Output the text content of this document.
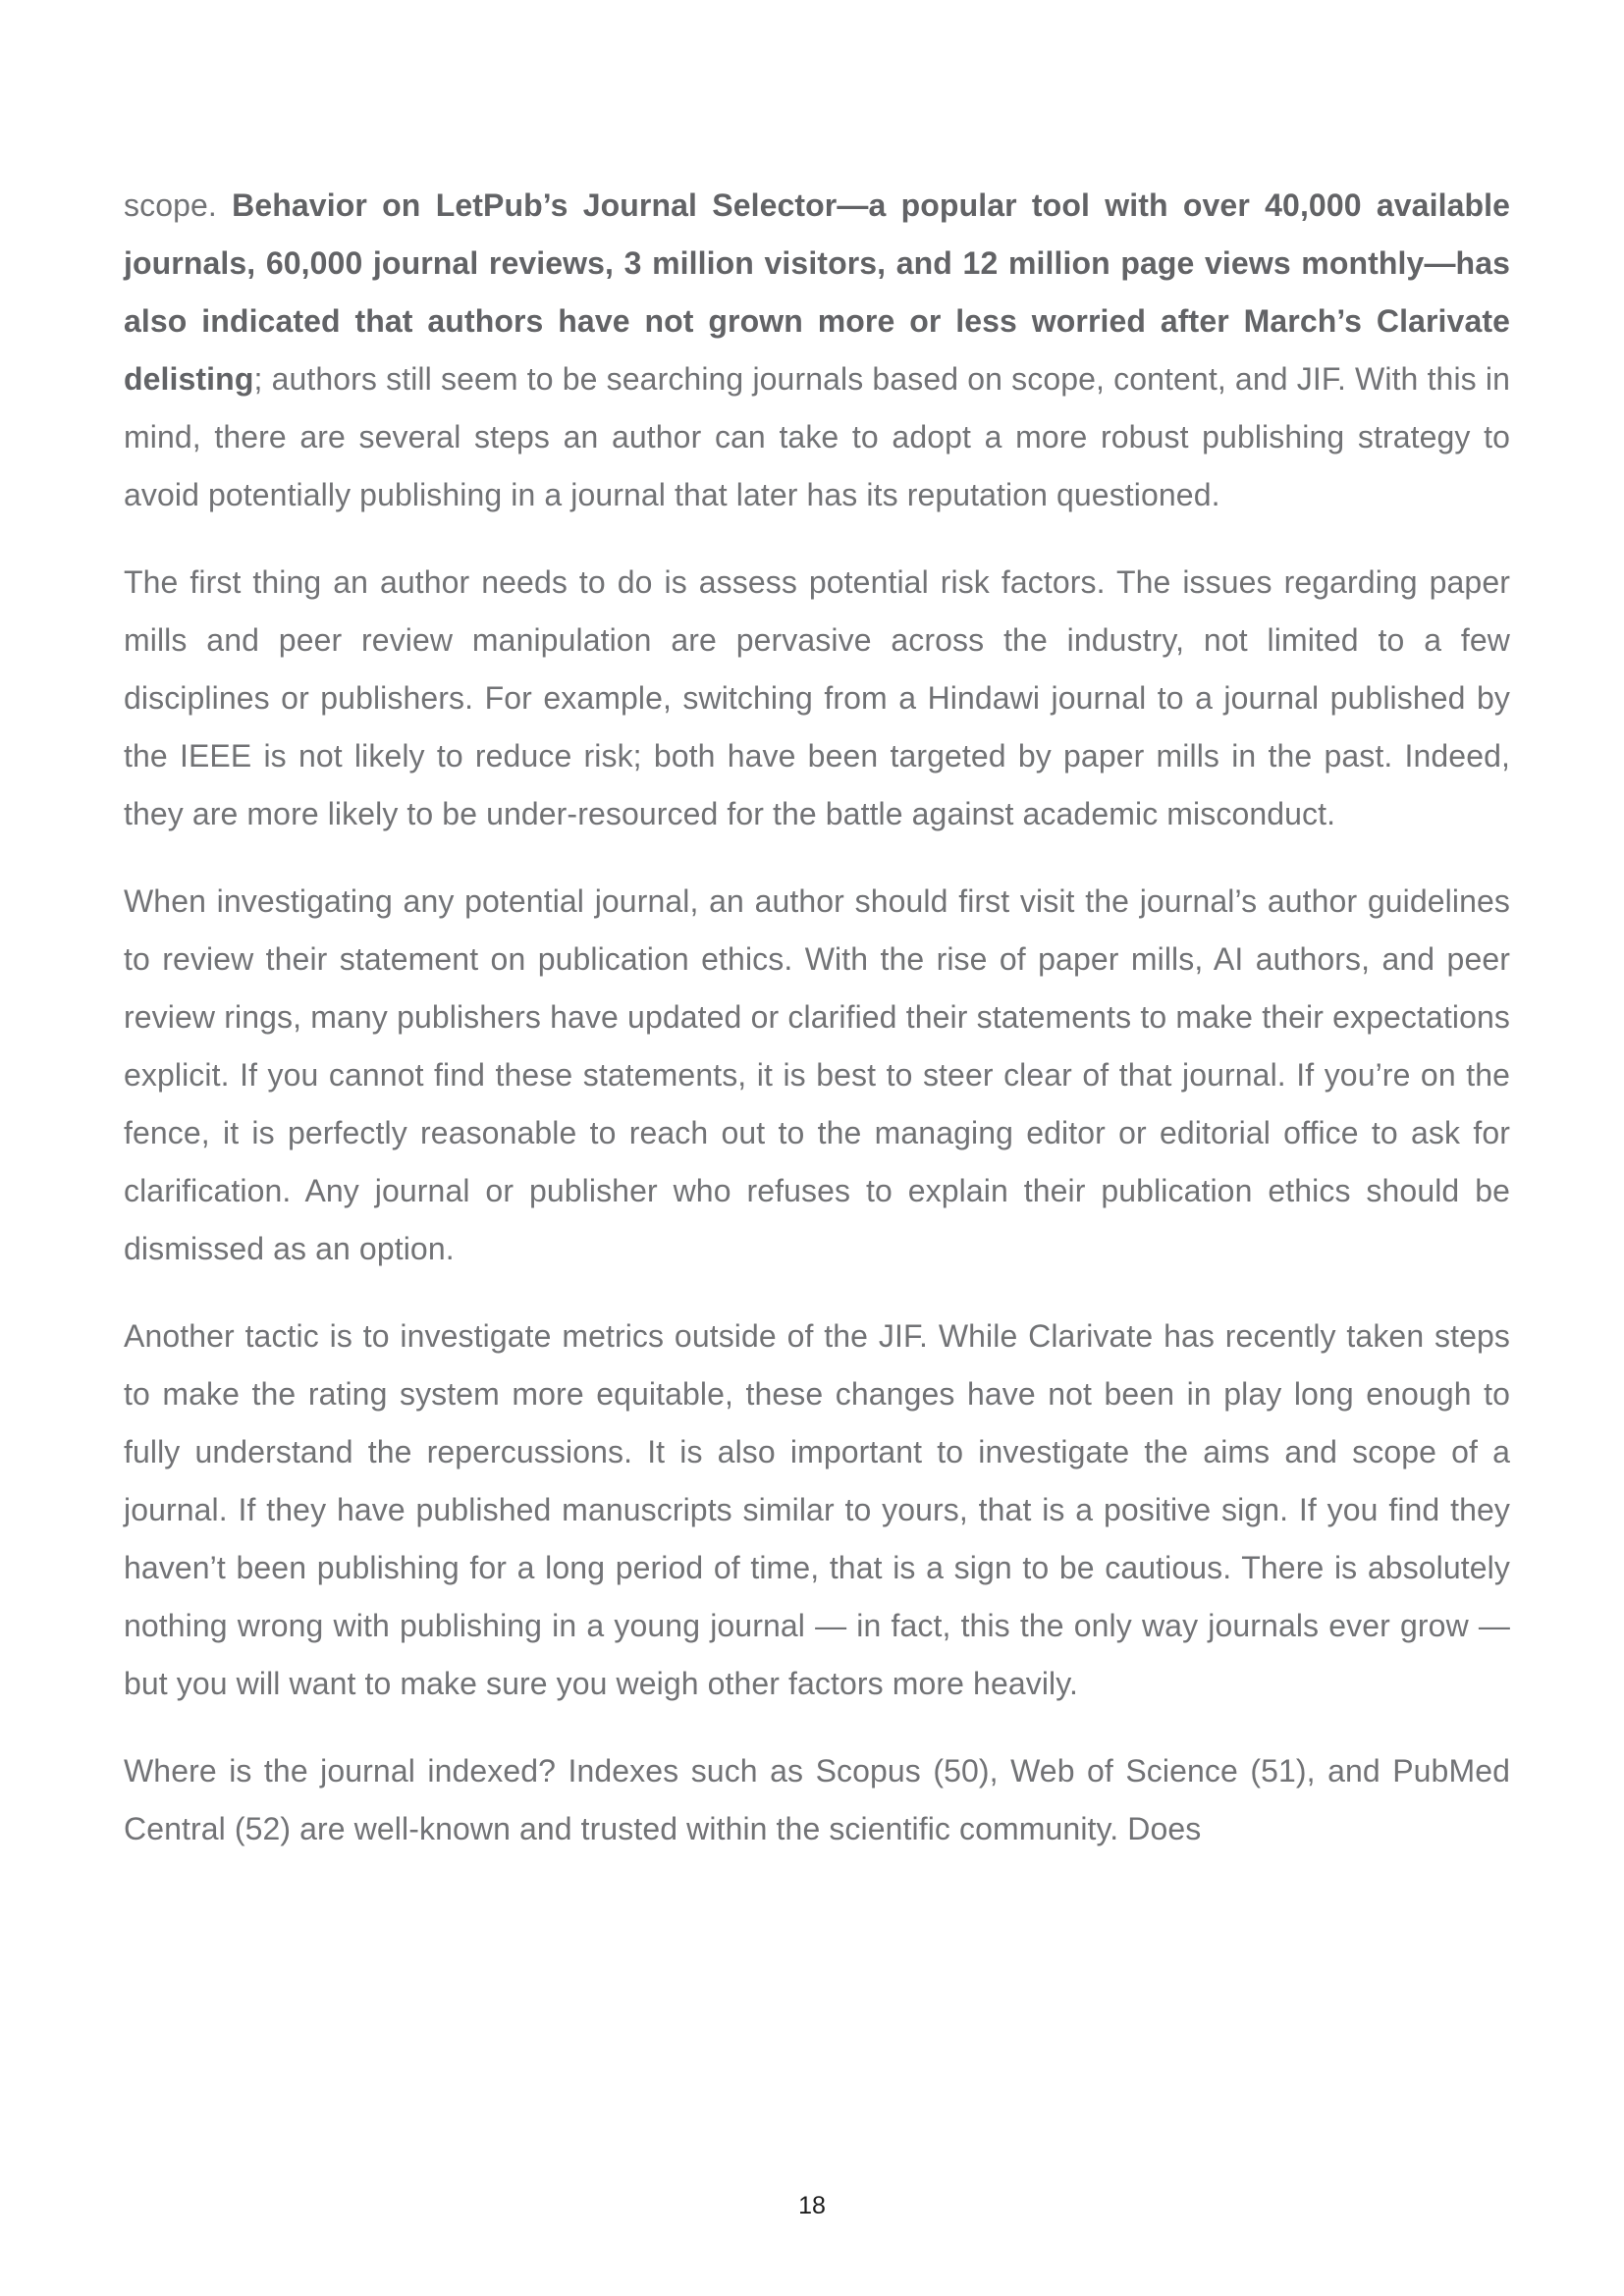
scope. Behavior on LetPub’s Journal Selector—a popular tool with over 40,000 available journals, 60,000 journal reviews, 3 million visitors, and 12 million page views monthly—has also indicated that authors have not grown more or less worried after March’s Clarivate delisting; authors still seem to be searching journals based on scope, content, and JIF. With this in mind, there are several steps an author can take to adopt a more robust publishing strategy to avoid potentially publishing in a journal that later has its reputation questioned.

The first thing an author needs to do is assess potential risk factors. The issues regarding paper mills and peer review manipulation are pervasive across the industry, not limited to a few disciplines or publishers. For example, switching from a Hindawi journal to a journal published by the IEEE is not likely to reduce risk; both have been targeted by paper mills in the past. Indeed, they are more likely to be under-resourced for the battle against academic misconduct.

When investigating any potential journal, an author should first visit the journal’s author guidelines to review their statement on publication ethics. With the rise of paper mills, AI authors, and peer review rings, many publishers have updated or clarified their statements to make their expectations explicit. If you cannot find these statements, it is best to steer clear of that journal. If you’re on the fence, it is perfectly reasonable to reach out to the managing editor or editorial office to ask for clarification. Any journal or publisher who refuses to explain their publication ethics should be dismissed as an option.

Another tactic is to investigate metrics outside of the JIF. While Clarivate has recently taken steps to make the rating system more equitable, these changes have not been in play long enough to fully understand the repercussions. It is also important to investigate the aims and scope of a journal. If they have published manuscripts similar to yours, that is a positive sign. If you find they haven’t been publishing for a long period of time, that is a sign to be cautious. There is absolutely nothing wrong with publishing in a young journal — in fact, this the only way journals ever grow — but you will want to make sure you weigh other factors more heavily.

Where is the journal indexed? Indexes such as Scopus (50), Web of Science (51), and PubMed Central (52) are well-known and trusted within the scientific community. Does

18
